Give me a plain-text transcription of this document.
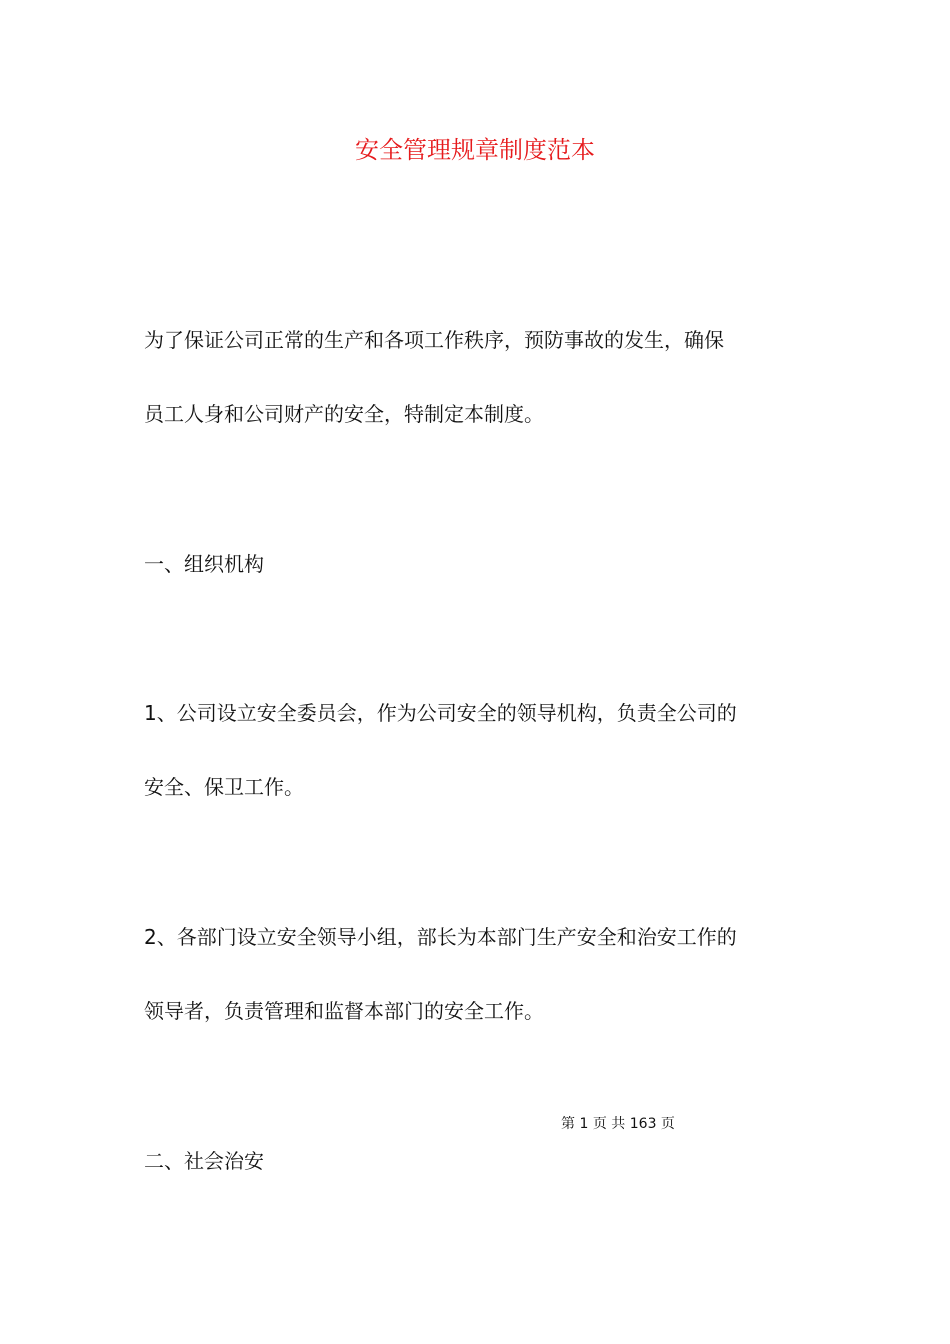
安全管理规章制度范本

为了保证公司正常的生产和各项工作秩序，预防事故的发生，确保
员工人身和公司财产的安全，特制定本制度。

一、组织机构

1、公司设立安全委员会，作为公司安全的领导机构，负责全公司的
安全、保卫工作。

2、各部门设立安全领导小组，部长为本部门生产安全和治安工作的
领导者，负责管理和监督本部门的安全工作。

第 1 页 共 163 页

二、社会治安
